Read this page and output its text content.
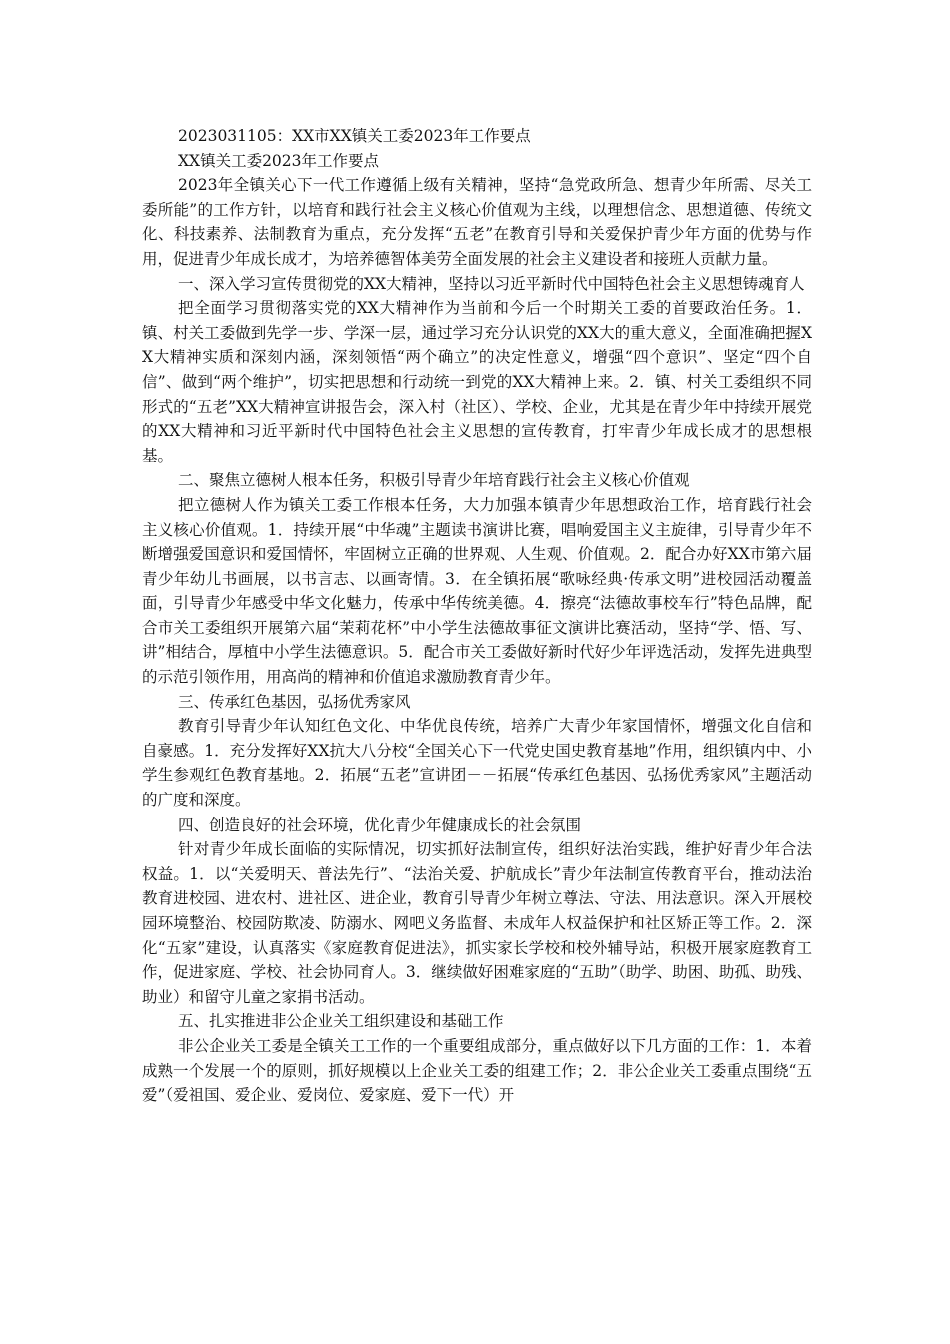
2023031105：XX市XX镇关工委2023年工作要点

XX镇关工委2023年工作要点

2023年全镇关心下一代工作遵循上级有关精神，坚持“急党政所急、想青少年所需、尽关工委所能”的工作方针，以培育和践行社会主义核心价值观为主线，以理想信念、思想道德、传统文化、科技素养、法制教育为重点，充分发挥“五老”在教育引导和关爱保护青少年方面的优势与作用，促进青少年成长成才，为培养德智体美劳全面发展的社会主义建设者和接班人贡献力量。

一、深入学习宣传贯彻党的XX大精神，坚持以习近平新时代中国特色社会主义思想铸魂育人

把全面学习贯彻落实党的XX大精神作为当前和今后一个时期关工委的首要政治任务。1．镇、村关工委做到先学一步、学深一层，通过学习充分认识党的XX大的重大意义，全面准确把握XX大精神实质和深刻内涵，深刻领悟“两个确立”的决定性意义，增强“四个意识”、坚定“四个自信”、做到“两个维护”，切实把思想和行动统一到党的XX大精神上来。2．镇、村关工委组织不同形式的“五老”XX大精神宣讲报告会，深入村（社区）、学校、企业，尤其是在青少年中持续开展党的XX大精神和习近平新时代中国特色社会主义思想的宣传教育，打牢青少年成长成才的思想根基。

二、聚焦立德树人根本任务，积极引导青少年培育践行社会主义核心价值观

把立德树人作为镇关工委工作根本任务，大力加强本镇青少年思想政治工作，培育践行社会主义核心价值观。1．持续开展“中华魂”主题读书演讲比赛，唱响爱国主义主旋律，引导青少年不断增强爱国意识和爱国情怀，牢固树立正确的世界观、人生观、价值观。2．配合办好XX市第六届青少年幼儿书画展，以书言志、以画寄情。3．在全镇拓展“歌咏经典·传承文明”进校园活动覆盖面，引导青少年感受中华文化魅力，传承中华传统美德。4．擦亮“法德故事校车行”特色品牌，配合市关工委组织开展第六届“茉莉花杯”中小学生法德故事征文演讲比赛活动，坚持“学、悟、写、讲”相结合，厚植中小学生法德意识。5．配合市关工委做好新时代好少年评选活动，发挥先进典型的示范引领作用，用高尚的精神和价值追求激励教育青少年。

三、传承红色基因，弘扬优秀家风

教育引导青少年认知红色文化、中华优良传统，培养广大青少年家国情怀，增强文化自信和自豪感。1．充分发挥好XX抗大八分校“全国关心下一代党史国史教育基地”作用，组织镇内中、小学生参观红色教育基地。2．拓展“五老”宣讲团－－拓展“传承红色基因、弘扬优秀家风”主题活动的广度和深度。

四、创造良好的社会环境，优化青少年健康成长的社会氛围

针对青少年成长面临的实际情况，切实抓好法制宣传，组织好法治实践，维护好青少年合法权益。1．以“关爱明天、普法先行”、“法治关爱、护航成长”青少年法制宣传教育平台，推动法治教育进校园、进农村、进社区、进企业，教育引导青少年树立尊法、守法、用法意识。深入开展校园环境整治、校园防欺凌、防溺水、网吧义务监督、未成年人权益保护和社区矫正等工作。2．深化“五家”建设，认真落实《家庭教育促进法》，抓实家长学校和校外辅导站，积极开展家庭教育工作，促进家庭、学校、社会协同育人。3．继续做好困难家庭的“五助”（助学、助困、助孤、助残、助业）和留守儿童之家捐书活动。

五、扎实推进非公企业关工组织建设和基础工作

非公企业关工委是全镇关工工作的一个重要组成部分，重点做好以下几方面的工作：1．本着成熟一个发展一个的原则，抓好规模以上企业关工委的组建工作；2．非公企业关工委重点围绕“五爱”（爱祖国、爱企业、爱岗位、爱家庭、爱下一代）开
